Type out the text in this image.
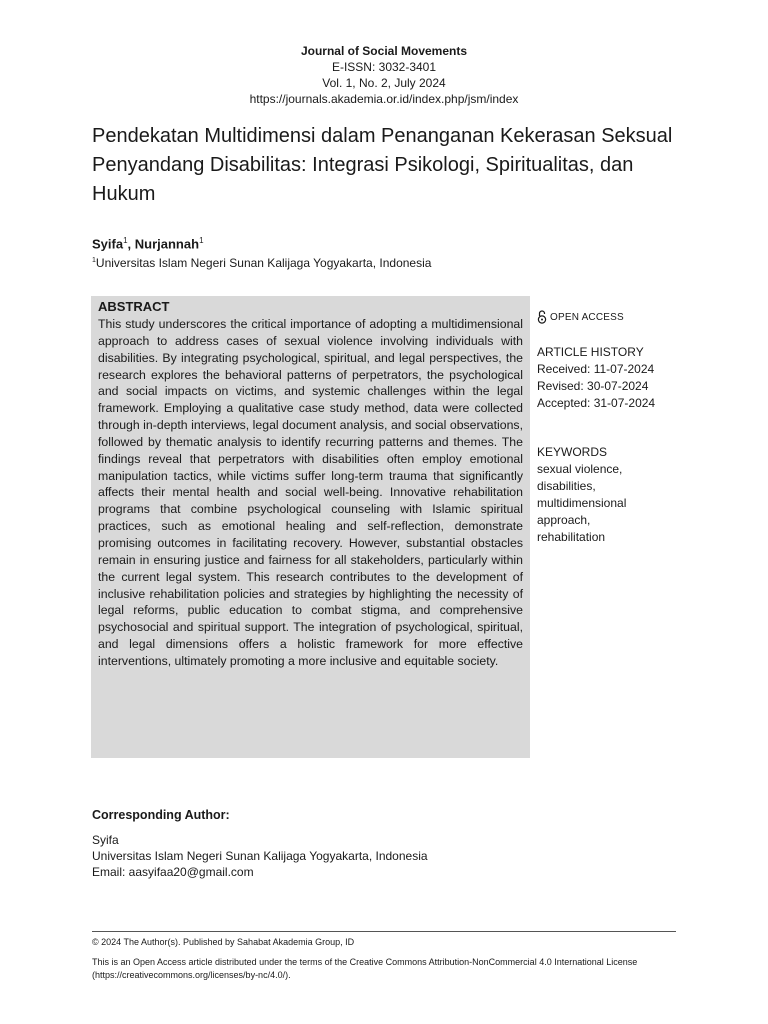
Journal of Social Movements
E-ISSN: 3032-3401
Vol. 1, No. 2, July 2024
https://journals.akademia.or.id/index.php/jsm/index
Pendekatan Multidimensi dalam Penanganan Kekerasan Seksual Penyandang Disabilitas: Integrasi Psikologi, Spiritualitas, dan Hukum
Syifa$^1$, Nurjannah$^1$
$^1$Universitas Islam Negeri Sunan Kalijaga Yogyakarta, Indonesia
ABSTRACT
This study underscores the critical importance of adopting a multidimensional approach to address cases of sexual violence involving individuals with disabilities. By integrating psychological, spiritual, and legal perspectives, the research explores the behavioral patterns of perpetrators, the psychological and social impacts on victims, and systemic challenges within the legal framework. Employing a qualitative case study method, data were collected through in-depth interviews, legal document analysis, and social observations, followed by thematic analysis to identify recurring patterns and themes. The findings reveal that perpetrators with disabilities often employ emotional manipulation tactics, while victims suffer long-term trauma that significantly affects their mental health and social well-being. Innovative rehabilitation programs that combine psychological counseling with Islamic spiritual practices, such as emotional healing and self-reflection, demonstrate promising outcomes in facilitating recovery. However, substantial obstacles remain in ensuring justice and fairness for all stakeholders, particularly within the current legal system. This research contributes to the development of inclusive rehabilitation policies and strategies by highlighting the necessity of legal reforms, public education to combat stigma, and comprehensive psychosocial and spiritual support. The integration of psychological, spiritual, and legal dimensions offers a holistic framework for more effective interventions, ultimately promoting a more inclusive and equitable society.
OPEN ACCESS
ARTICLE HISTORY
Received: 11-07-2024
Revised: 30-07-2024
Accepted: 31-07-2024
KEYWORDS
sexual violence,
disabilities,
multidimensional
approach,
rehabilitation
Corresponding Author:
Syifa
Universitas Islam Negeri Sunan Kalijaga Yogyakarta, Indonesia
Email: aasyifaa20@gmail.com
© 2024 The Author(s). Published by Sahabat Akademia Group, ID
This is an Open Access article distributed under the terms of the Creative Commons Attribution-NonCommercial 4.0 International License (https://creativecommons.org/licenses/by-nc/4.0/).
